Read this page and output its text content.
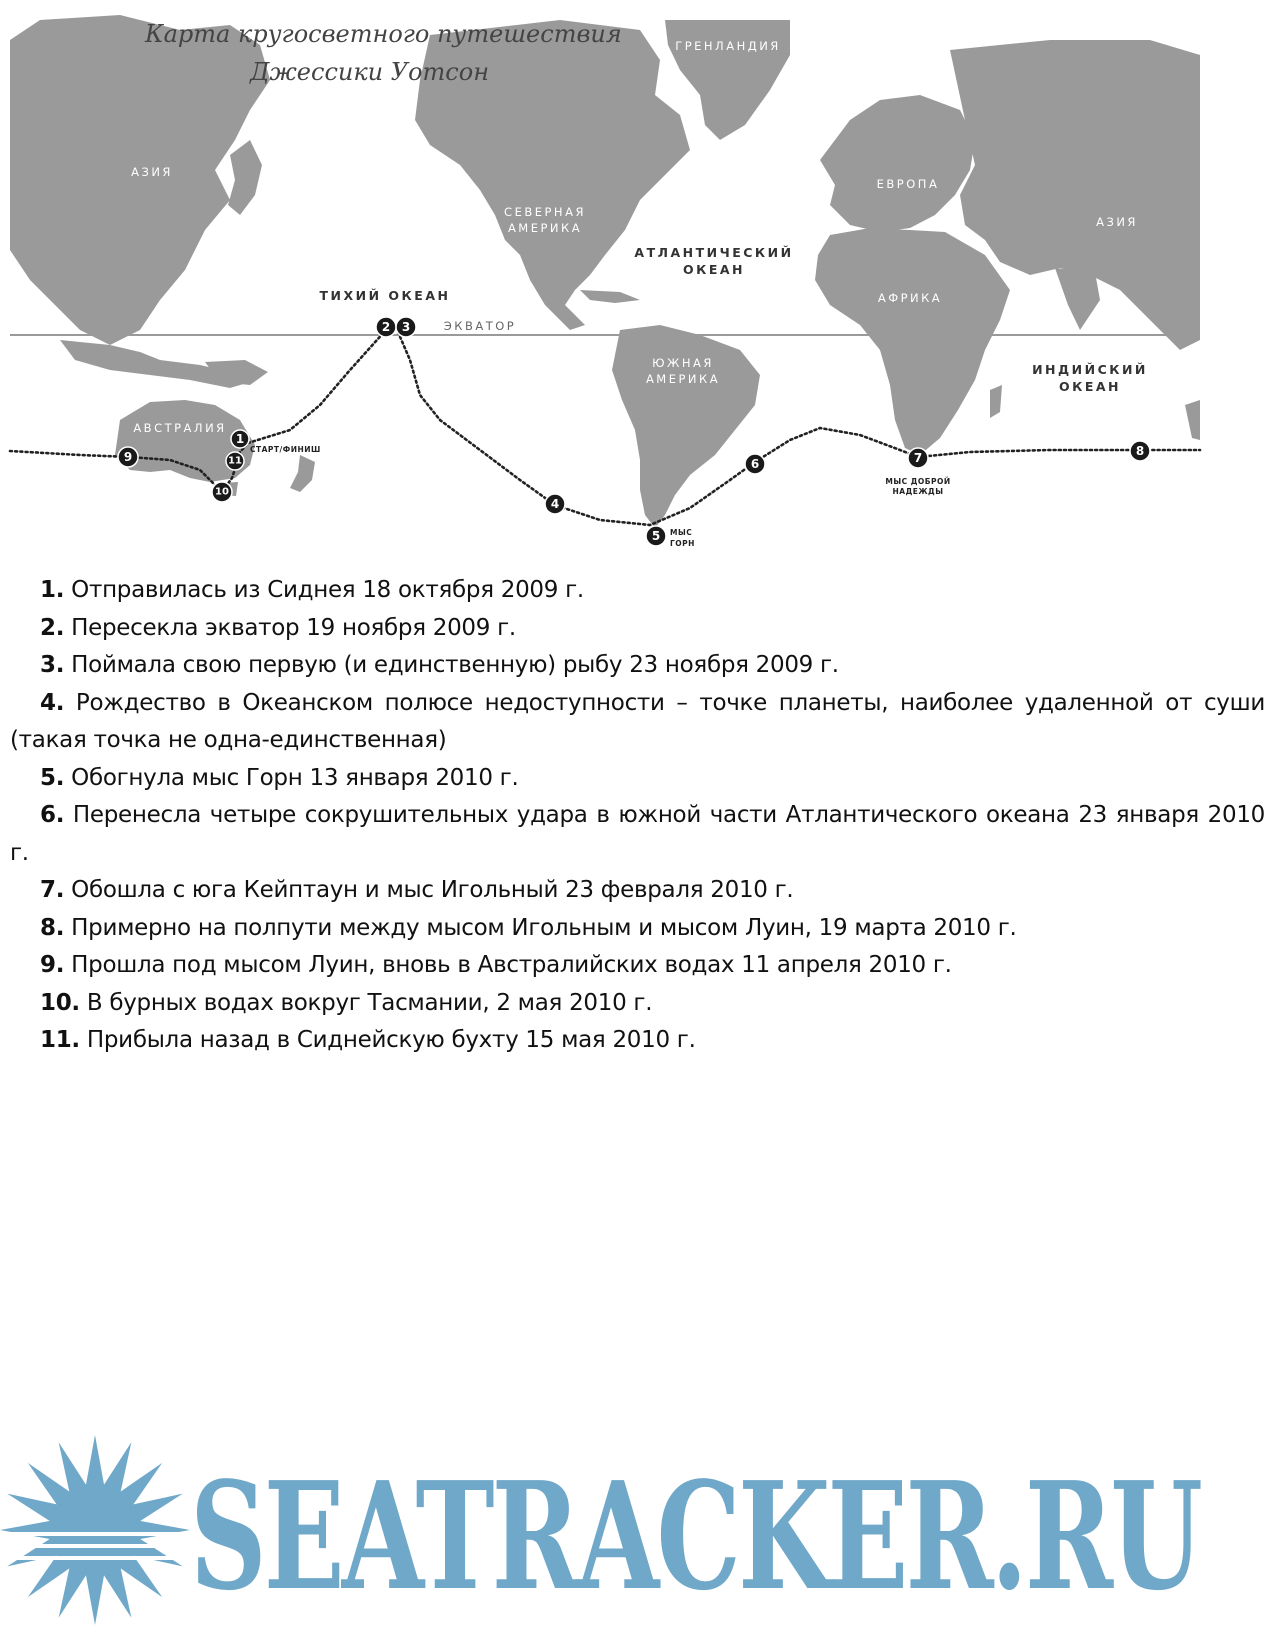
Карта кругосветного путешествия
Джессики Уотсон
ЭКВАТОР
ГРЕНЛАНДИЯ
АЗИЯ
АЗИЯ
ЕВРОПА
СЕВЕРНАЯ
АМЕРИКА
ЮЖНАЯ
АМЕРИКА
АФРИКА
АВСТРАЛИЯ
АТЛАНТИЧЕСКИЙ
ОКЕАН
ТИХИЙ ОКЕАН
ИНДИЙСКИЙ
ОКЕАН
1
2 3
4
5
6	7	8
9
10
11
СТАРТ/ФИНИШ
МЫС
ГОРН
МЫС ДОБРОЙ
НАДЕЖДЫ
1. Отправилась из Сиднея 18 октября 2009 г.
2. Пересекла экватор 19 ноября 2009 г.
3. Поймала свою первую (и единственную) рыбу 23 ноября 2009 г.
4. Рождество в Океанском полюсе недоступности – точке планеты, наиболее удаленной от суши (такая точка не одна-единственная)
5. Обогнула мыс Горн 13 января 2010 г.
6. Перенесла четыре сокрушительных удара в южной части Атлантического океана 23 января 2010 г.
7. Обошла с юга Кейптаун и мыс Игольный 23 февраля 2010 г.
8. Примерно на полпути между мысом Игольным и мысом Луин, 19 марта 2010 г.
9. Прошла под мысом Луин, вновь в Австралийских водах 11 апреля 2010 г.
10. В бурных водах вокруг Тасмании, 2 мая 2010 г.
11. Прибыла назад в Сиднейскую бухту 15 мая 2010 г.
SEATRACKER.RU
